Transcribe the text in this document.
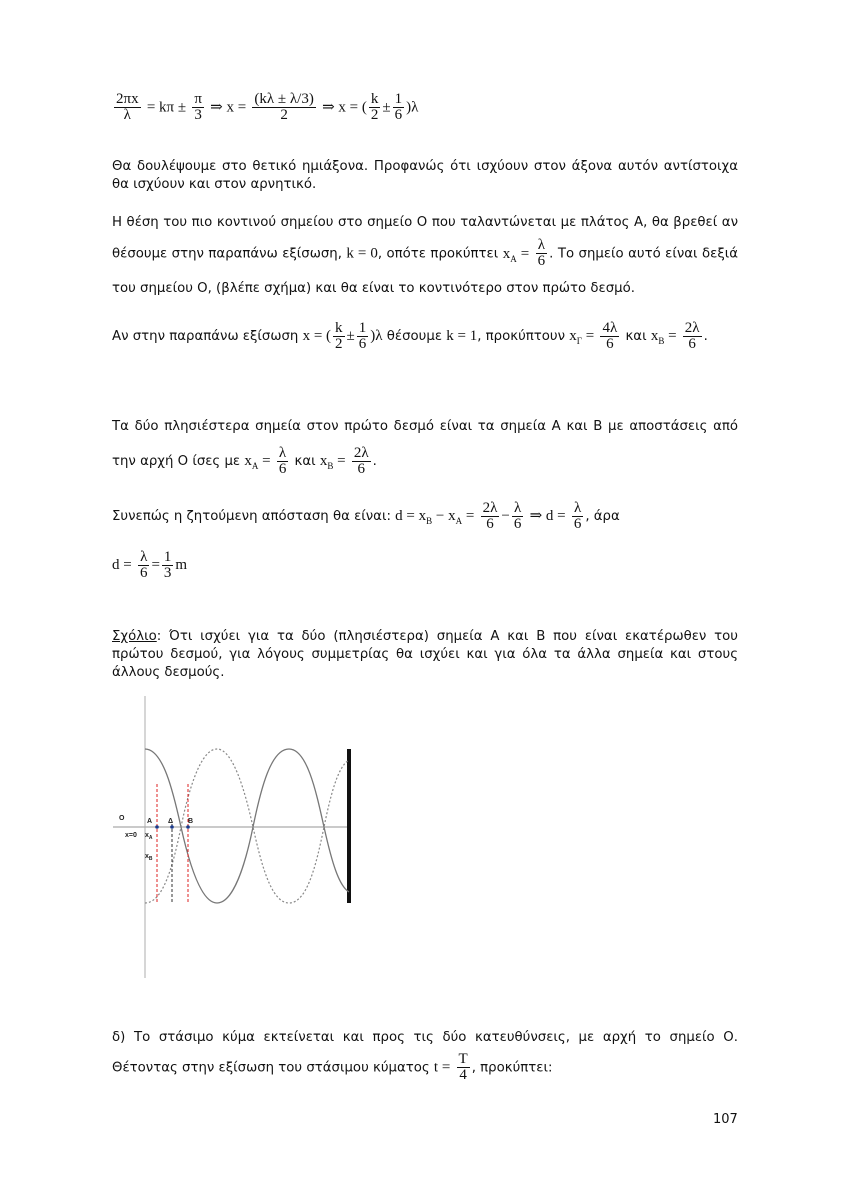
$\frac{2\pi x}{\lambda} = k\pi \pm \frac{\pi}{3}$ ⇒ $x = \frac{(k\lambda \pm \lambda/3)}{2}$ ⇒ x = ( $\frac{k}{2} \pm \frac{1}{6} )\lambda$

Θα δουλέψουμε στο θετικό ημιάξονα. Προφανώς ότι ισχύουν στον άξονα αυτόν αντίστοιχα θα ισχύουν και στον αρνητικό.

Η θέση του πιο κοντινού σημείου στο σημείο Ο που ταλαντώνεται με πλάτος Α, θα βρεθεί αν θέσουμε στην παραπάνω εξίσωση, k = 0, οπότε προκύπτει $x_A = \frac{\lambda}{6}$ . Το σημείο αυτό είναι δεξιά του σημείου Ο, (βλέπε σχήμα) και θα είναι το κοντινότερο στον πρώτο δεσμό.

Αν στην παραπάνω εξίσωση x = ( $\frac{k}{2} \pm \frac{1}{6} )\lambda$ θέσουμε k = 1, προκύπτουν $x_\Gamma = \frac{4\lambda}{6}$ και $x_B = \frac{2\lambda}{6}$ .

Τα δύο πλησιέστερα σημεία στον πρώτο δεσμό είναι τα σημεία Α και Β με αποστάσεις από την αρχή Ο ίσες με $x_A = \frac{\lambda}{6}$ και $x_B = \frac{2\lambda}{6}$ .

Συνεπώς η ζητούμενη απόσταση θα είναι: $d = x_B - x_A = \frac{2\lambda}{6} - \frac{\lambda}{6}$ ⇒ $d = \frac{\lambda}{6}$ , άρα
$d = \frac{\lambda}{6} = \frac{1}{3}$ m

Σχόλιο: Ότι ισχύει για τα δύο (πλησιέστερα) σημεία Α και Β που είναι εκατέρωθεν του πρώτου δεσμού, για λόγους συμμετρίας θα ισχύει και για όλα τα άλλα σημεία και στους άλλους δεσμούς.

O	A Δ B
x=0 $x_A$
$x_B$

δ) Το στάσιμο κύμα εκτείνεται και προς τις δύο κατευθύνσεις, με αρχή το σημείο Ο. Θέτοντας στην εξίσωση του στάσιμου κύματος $t = \frac{T}{4}$ , προκύπτει:

107
